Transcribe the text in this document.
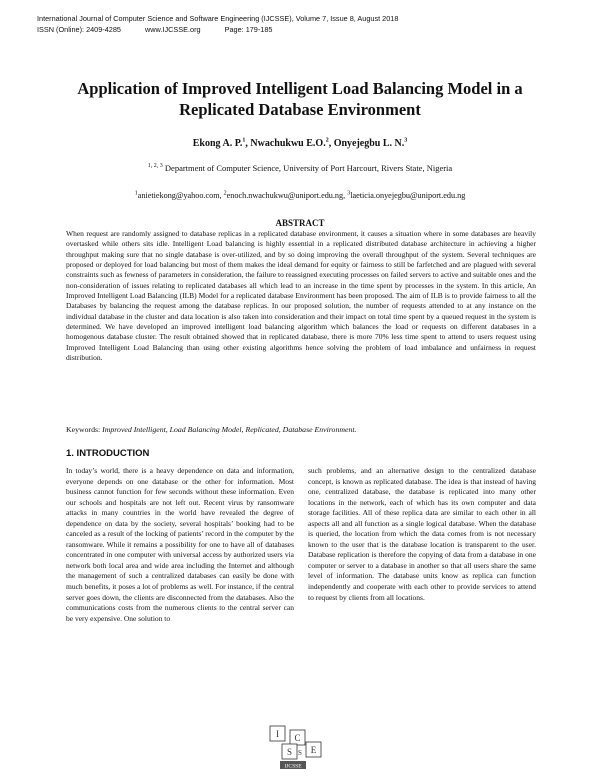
International Journal of Computer Science and Software Engineering (IJCSSE), Volume 7, Issue 8, August 2018
ISSN (Online): 2409-4285	www.IJCSSE.org	Page: 179-185
Application of Improved Intelligent Load Balancing Model in a
Replicated Database Environment
Ekong A. P.$^1$, Nwachukwu E.O.$^2$, Onyejegbu L. N.$^3$
$^{1, 2, 3}$ Department of Computer Science, University of Port Harcourt, Rivers State, Nigeria
$^1$anietiekong@yahoo.com, $^2$enoch.nwachukwu@uniport.edu.ng, $^3$laeticia.onyejegbu@uniport.edu.ng
ABSTRACT

When request are randomly assigned to database replicas in a replicated database environment, it causes a situation where in some databases are heavily overtasked while others sits idle. Intelligent Load balancing is highly essential in a replicated distributed database architecture in achieving a higher throughput making sure that no single database is over-utilized, and by so doing improving the overall throughput of the system. Several techniques are proposed or deployed for load balancing but most of them makes the ideal demand for equity or fairness to still be farfetched and are plagued with several constraints such as fewness of parameters in consideration, the failure to reassigned executing processes on failed servers to active and suitable ones and the non-consideration of issues relating to replicated databases all which lead to an increase in the time spent by processes in the system. In this article, An Improved Intelligent Load Balancing (ILB) Model for a replicated database Environment has been proposed. The aim of ILB is to provide fairness to all the Databases by balancing the request among the database replicas. In our proposed solution, the number of requests attended to at any instance on the individual database in the cluster and data location is also taken into consideration and their impact on total time spent by a queued request in the system is determined. We have developed an improved intelligent load balancing algorithm which balances the load or requests on different databases in a homogenous database cluster. The result obtained showed that in replicated database, there is more 70% less time spent to attend to users request using Improved Intelligent Load Balancing than using other existing algorithms hence solving the problem of load imbalance and unfairness in request distribution.

Keywords: Improved Intelligent, Load Balancing Model, Replicated, Database Environment.
1. INTRODUCTION

In today’s world, there is a heavy dependence on data and information, everyone depends on one database or the other for information. Most business cannot function for few seconds without these information. Even our schools and hospitals are not left out. Recent virus by ransomware attacks in many countries in the world have revealed the degree of dependence on data by the society, several hospitals’ booking had to be canceled as a result of the locking of patients’ record in the computer by the ransomware. While it remains a possibility for one to have all of databases concentrated in one computer with universal access by authorized users via network both local area and wide area including the Internet and although the management of such a centralized databases can easily be done with much benefits, it poses a lot of problems as well. For instance, if the central server goes down, the clients are disconnected from the databases. Also the communications costs from the numerous clients to the central server can be very expensive. One solution to

such problems, and an alternative design to the centralized database concept, is known as replicated database. The idea is that instead of having one, centralized database, the database is replicated into many other locations in the network, each of which has its own computer and data storage facilities. All of these replica data are similar to each other in all aspects all and all function as a single logical database. When the database is queried, the location from which the data comes from is not necessary known to the user that is the database location is transparent to the user. Database replication is therefore the copying of data from a database in one computer or server to a database in another so that all users share the same level of information. The database units know as replica can function independently and cooperate with each other to provide services to attend to request by clients from all locations.

I C
S S E
IJCSSE
